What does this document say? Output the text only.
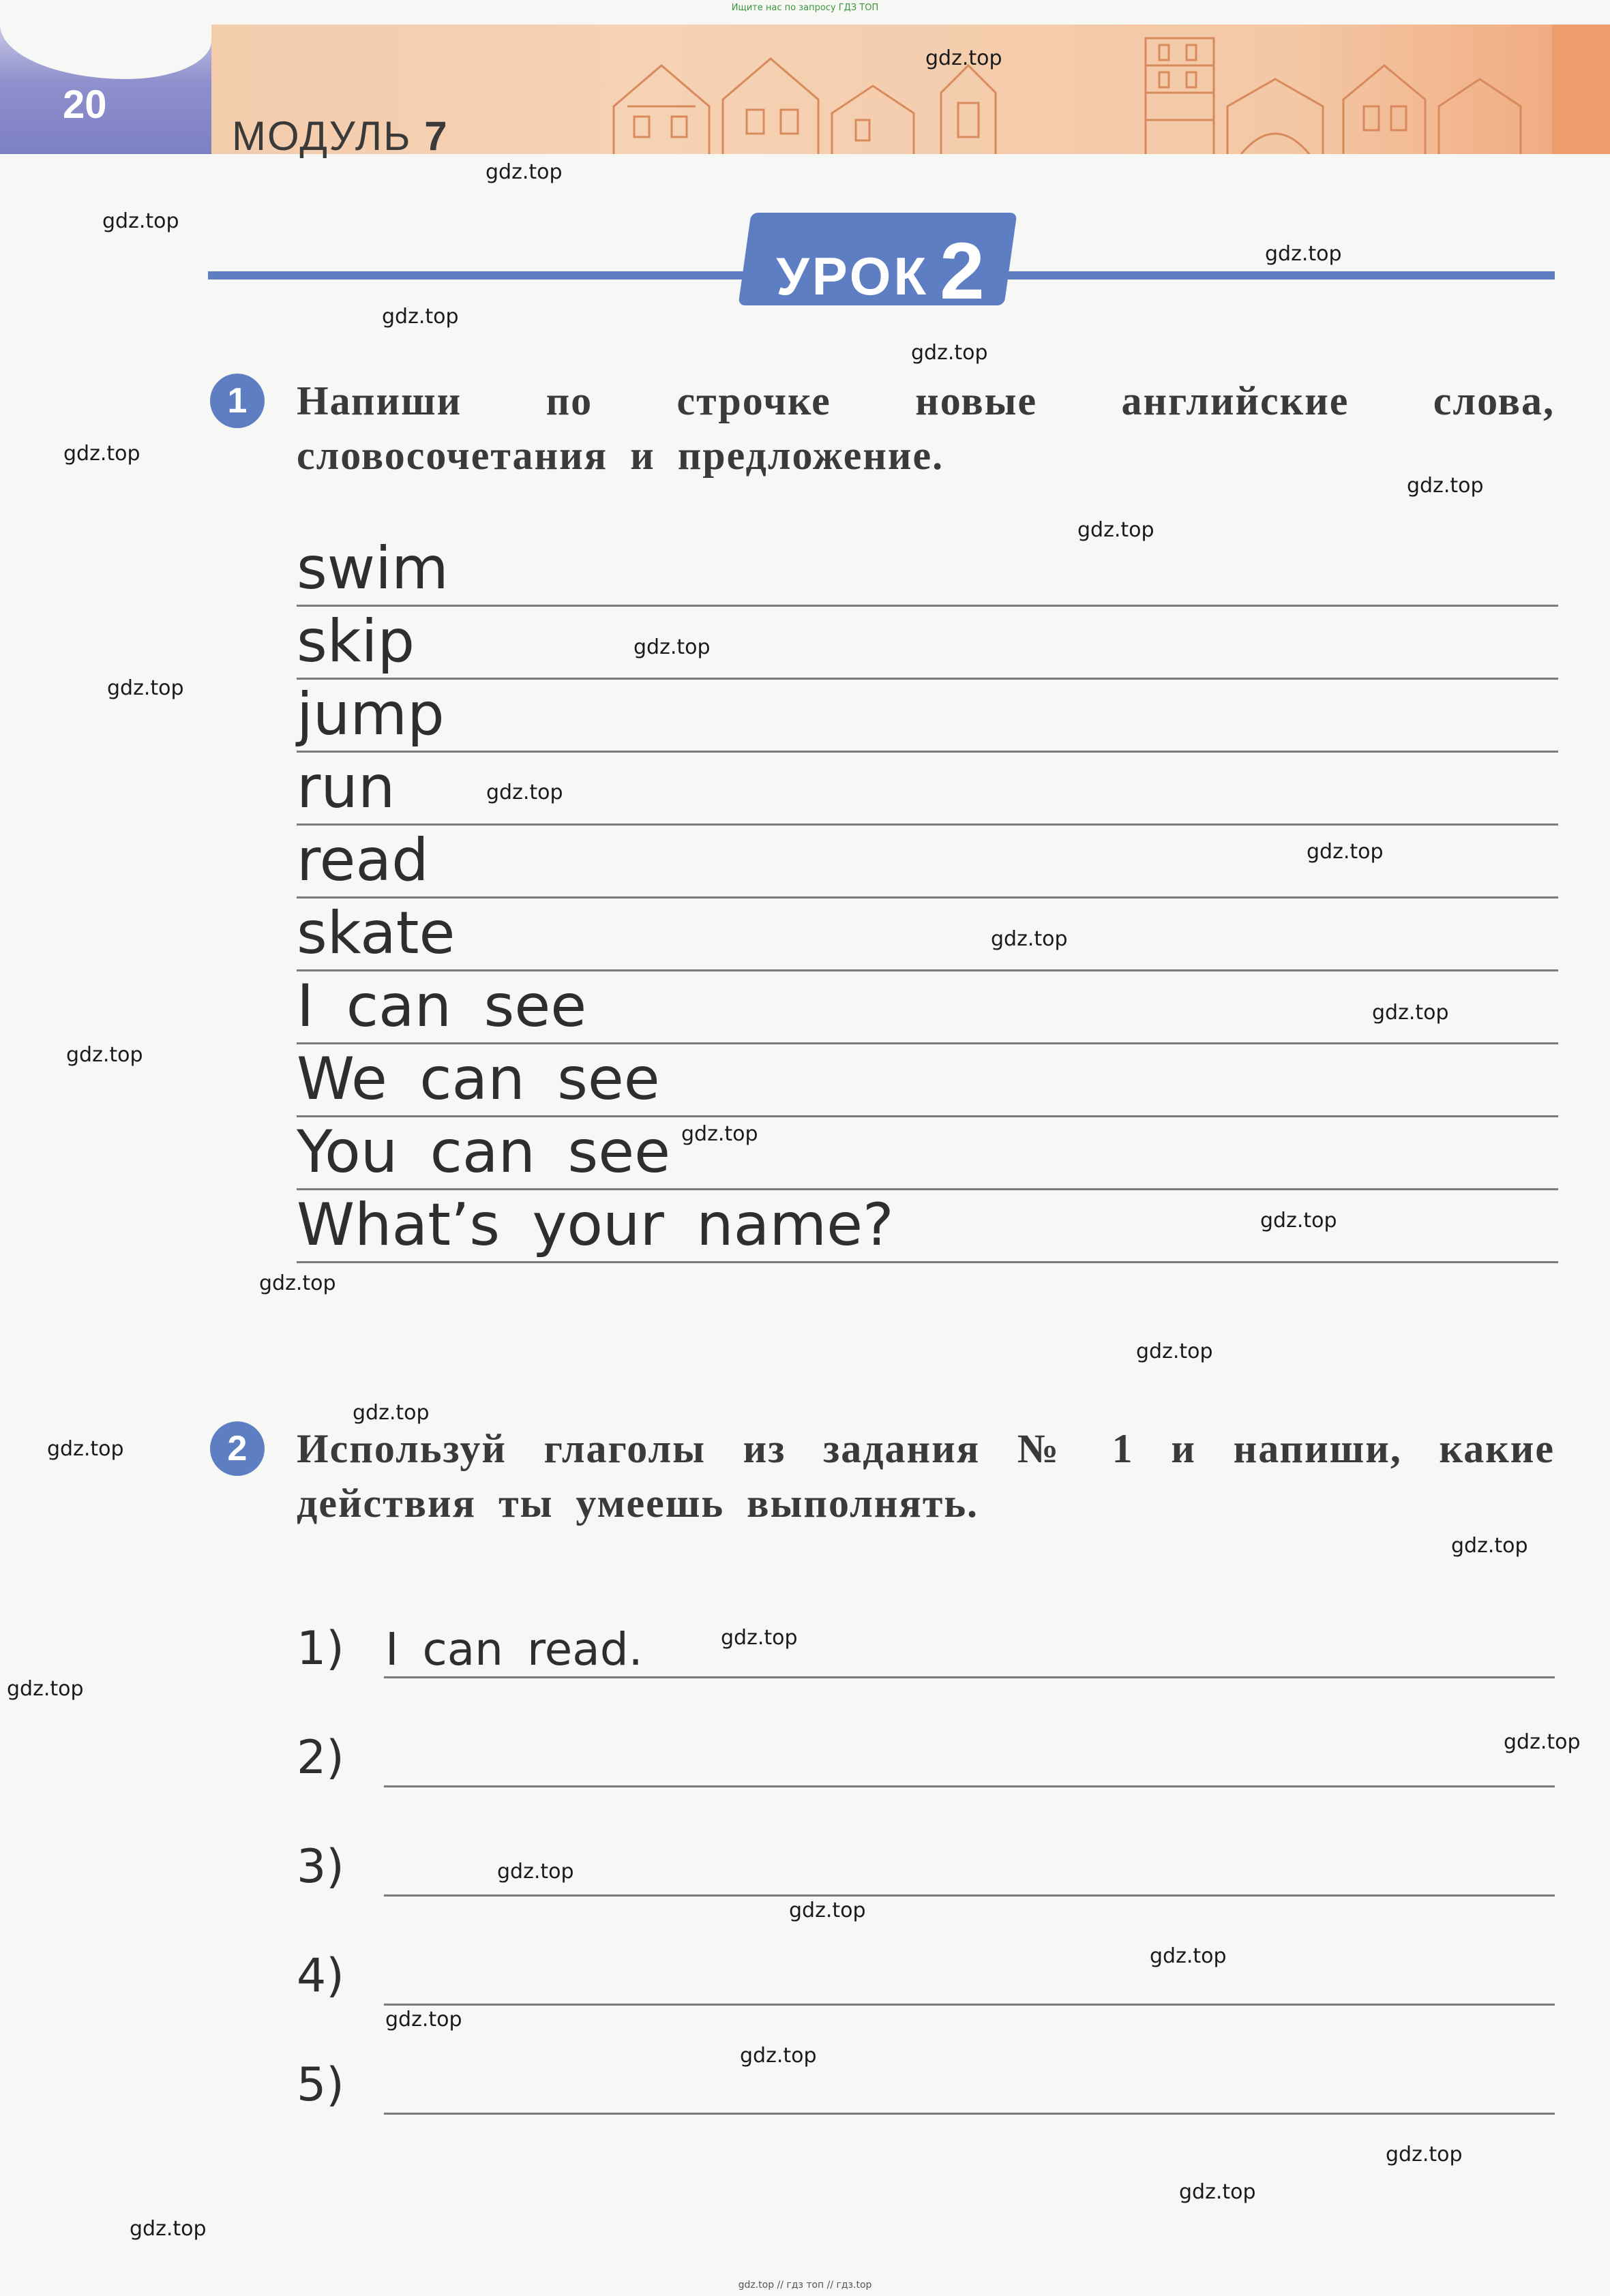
Ищите нас по запросу ГДЗ ТОП
20
МОДУЛЬ 7
УРОК 2
1	Напиши по строчке новые английские слова, словосочетания и предложение.
swim
skip
jump
run
read
skate
I can see
We can see
You can see
What’s your name?
2	Используй глаголы из задания № 1 и напиши, какие действия ты умеешь выполнять.
1) I can read.
2)
3)
4)
5)
gdz.top
gdz.top
gdz.top
gdz.top
gdz.top
gdz.top
gdz.top
gdz.top
gdz.top
gdz.top
gdz.top
gdz.top
gdz.top
gdz.top
gdz.top
gdz.top
gdz.top
gdz.top
gdz.top
gdz.top
gdz.top
gdz.top
gdz.top
gdz.top
gdz.top
gdz.top
gdz.top
gdz.top
gdz.top
gdz.top
gdz.top
gdz.top
gdz.top
gdz.top
gdz.top // гдз топ // гдз.top
